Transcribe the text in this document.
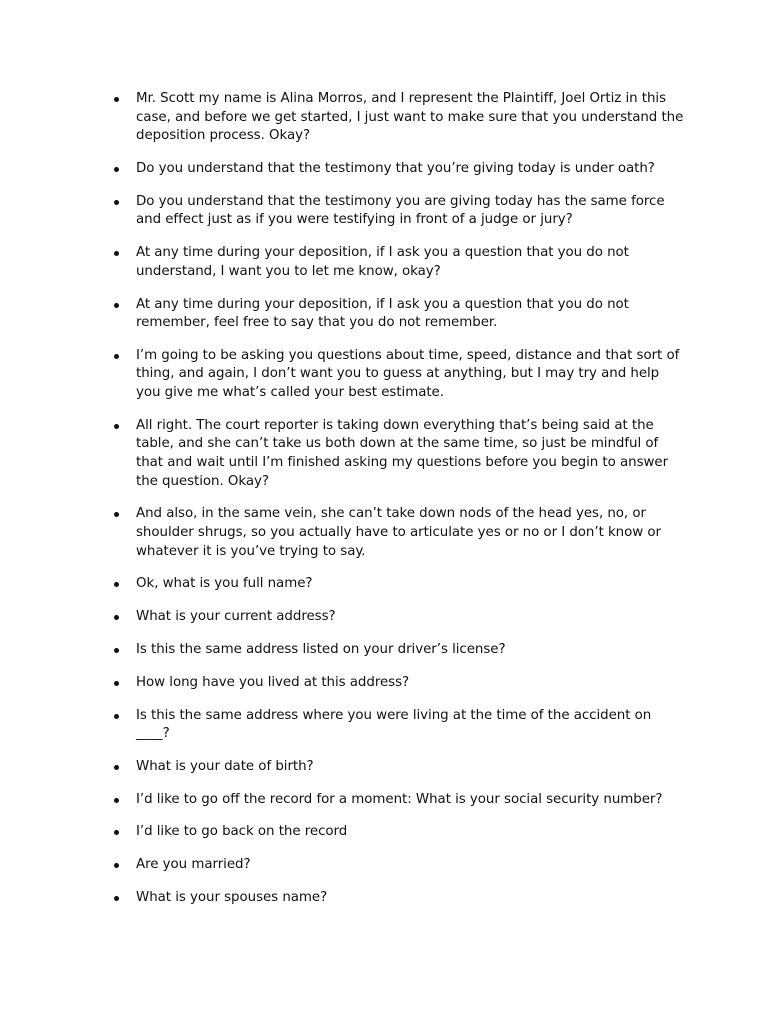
Mr. Scott my name is Alina Morros, and I represent the Plaintiff, Joel Ortiz in this case, and before we get started, I just want to make sure that you understand the deposition process. Okay?
Do you understand that the testimony that you’re giving today is under oath?
Do you understand that the testimony you are giving today has the same force and effect just as if you were testifying in front of a judge or jury?
At any time during your deposition, if I ask you a question that you do not understand, I want you to let me know, okay?
At any time during your deposition, if I ask you a question that you do not remember, feel free to say that you do not remember.
I’m going to be asking you questions about time, speed, distance and that sort of thing, and again, I don’t want you to guess at anything, but I may try and help you give me what’s called your best estimate.
All right. The court reporter is taking down everything that’s being said at the table, and she can’t take us both down at the same time, so just be mindful of that and wait until I’m finished asking my questions before you begin to answer the question. Okay?
And also, in the same vein, she can’t take down nods of the head yes, no, or shoulder shrugs, so you actually have to articulate yes or no or I don’t know or whatever it is you’ve trying to say.
Ok, what is you full name?
What is your current address?
Is this the same address listed on your driver’s license?
How long have you lived at this address?
Is this the same address where you were living at the time of the accident on ____?
What is your date of birth?
I’d like to go off the record for a moment: What is your social security number?
I’d like to go back on the record
Are you married?
What is your spouses name?
